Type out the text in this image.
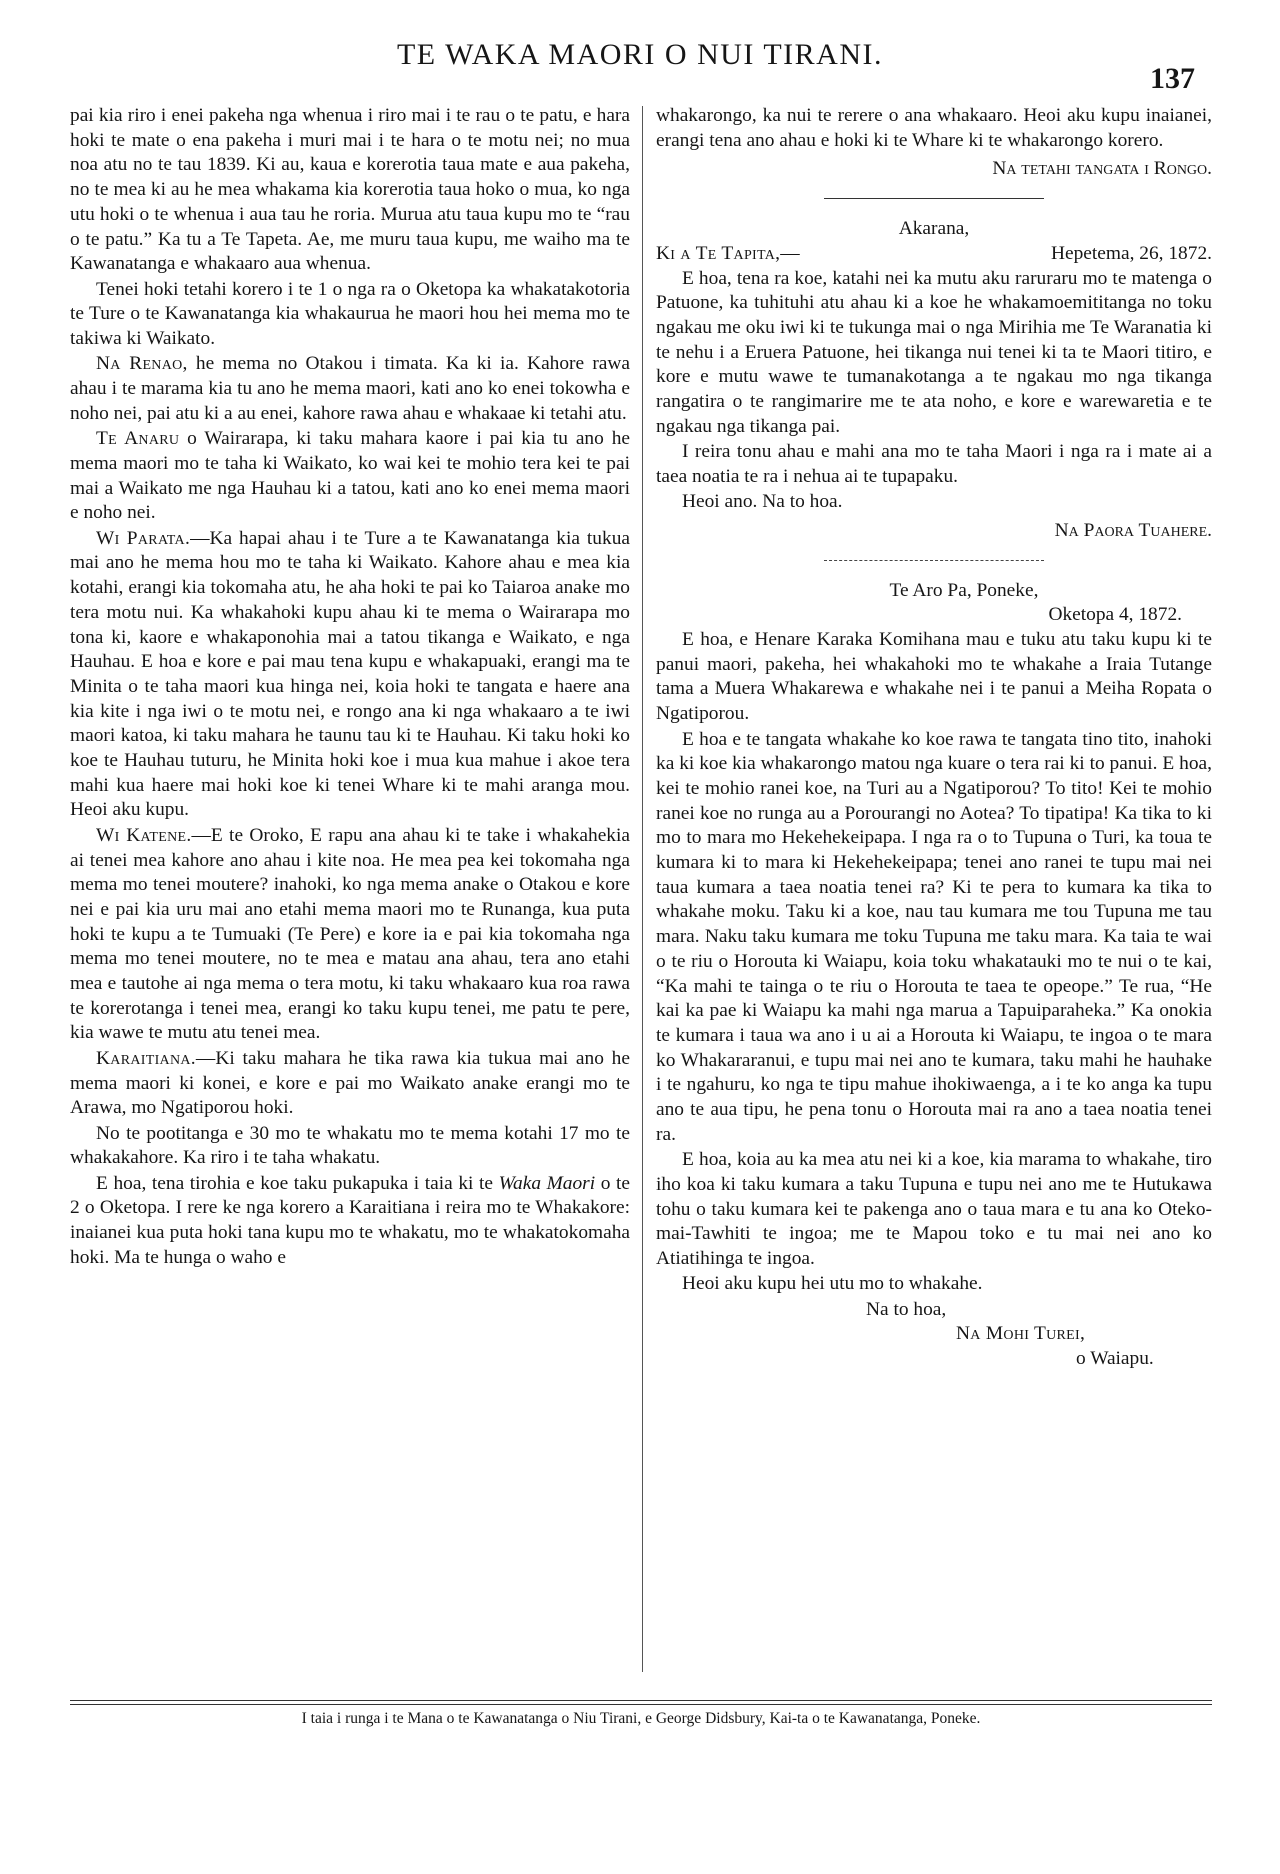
TE WAKA MAORI O NUI TIRANI.
137

pai kia riro i enei pakeha nga whenua i riro mai i te rau o te patu, e hara hoki te mate o ena pakeha i muri mai i te hara o te motu nei; no mua noa atu no te tau 1839. Ki au, kaua e korerotia taua mate e aua pakeha, no te mea ki au he mea whakama kia korerotia taua hoko o mua, ko nga utu hoki o te whenua i aua tau he roria. Murua atu taua kupu mo te “rau o te patu.” Ka tu a Te Tapeta. Ae, me muru taua kupu, me waiho ma te Kawanatanga e whakaaro aua whenua.

Tenei hoki tetahi korero i te 1 o nga ra o Oketopa ka whakatakotoria te Ture o te Kawanatanga kia whakaurua he maori hou hei mema mo te takiwa ki Waikato.

Na Renao, he mema no Otakou i timata. Ka ki ia. Kahore rawa ahau i te marama kia tu ano he mema maori, kati ano ko enei tokowha e noho nei, pai atu ki a au enei, kahore rawa ahau e whakaae ki tetahi atu.

Te Anaru o Wairarapa, ki taku mahara kaore i pai kia tu ano he mema maori mo te taha ki Waikato, ko wai kei te mohio tera kei te pai mai a Waikato me nga Hauhau ki a tatou, kati ano ko enei mema maori e noho nei.

Wi Parata.—Ka hapai ahau i te Ture a te Kawanatanga kia tukua mai ano he mema hou mo te taha ki Waikato. Kahore ahau e mea kia kotahi, erangi kia tokomaha atu, he aha hoki te pai ko Taiaroa anake mo tera motu nui. Ka whakahoki kupu ahau ki te mema o Wairarapa mo tona ki, kaore e whakaponohia mai a tatou tikanga e Waikato, e nga Hauhau. E hoa e kore e pai mau tena kupu e whakapuaki, erangi ma te Minita o te taha maori kua hinga nei, koia hoki te tangata e haere ana kia kite i nga iwi o te motu nei, e rongo ana ki nga whakaaro a te iwi maori katoa, ki taku mahara he taunu tau ki te Hauhau. Ki taku hoki ko koe te Hauhau tuturu, he Minita hoki koe i mua kua mahue i akoe tera mahi kua haere mai hoki koe ki tenei Whare ki te mahi aranga mou. Heoi aku kupu.

Wi Katene.—E te Oroko, E rapu ana ahau ki te take i whakahekia ai tenei mea kahore ano ahau i kite noa. He mea pea kei tokomaha nga mema mo tenei moutere? inahoki, ko nga mema anake o Otakou e kore nei e pai kia uru mai ano etahi mema maori mo te Runanga, kua puta hoki te kupu a te Tumuaki (Te Pere) e kore ia e pai kia tokomaha nga mema mo tenei moutere, no te mea e matau ana ahau, tera ano etahi mea e tautohe ai nga mema o tera motu, ki taku whakaaro kua roa rawa te korerotanga i tenei mea, erangi ko taku kupu tenei, me patu te pere, kia wawe te mutu atu tenei mea.

Karaitiana.—Ki taku mahara he tika rawa kia tukua mai ano he mema maori ki konei, e kore e pai mo Waikato anake erangi mo te Arawa, mo Ngatiporou hoki.

No te pootitanga e 30 mo te whakatu mo te mema kotahi 17 mo te whakakahore. Ka riro i te taha whakatu.

E hoa, tena tirohia e koe taku pukapuka i taia ki te Waka Maori o te 2 o Oketopa. I rere ke nga korero a Karaitiana i reira mo te Whakakore: inaianei kua puta hoki tana kupu mo te whakatu, mo te whakatokomaha hoki. Ma te hunga o waho e

whakarongo, ka nui te rerere o ana whakaaro. Heoi aku kupu inaianei, erangi tena ano ahau e hoki ki te Whare ki te whakarongo korero.

Na tetahi tangata i Rongo.

Akarana,

Ki a Te Tapita,—	Hepetema, 26, 1872.

E hoa, tena ra koe, katahi nei ka mutu aku raruraru mo te matenga o Patuone, ka tuhituhi atu ahau ki a koe he whakamoemititanga no toku ngakau me oku iwi ki te tukunga mai o nga Mirihia me Te Waranatia ki te nehu i a Eruera Patuone, hei tikanga nui tenei ki ta te Maori titiro, e kore e mutu wawe te tumanakotanga a te ngakau mo nga tikanga rangatira o te rangimarire me te ata noho, e kore e warewaretia e te ngakau nga tikanga pai.

I reira tonu ahau e mahi ana mo te taha Maori i nga ra i mate ai a taea noatia te ra i nehua ai te tupapaku.

Heoi ano. Na to hoa.

Na Paora Tuahere.

Te Aro Pa, Poneke,

Oketopa 4, 1872.

E hoa, e Henare Karaka Komihana mau e tuku atu taku kupu ki te panui maori, pakeha, hei whakahoki mo te whakahe a Iraia Tutange tama a Muera Whakarewa e whakahe nei i te panui a Meiha Ropata o Ngatiporou.

E hoa e te tangata whakahe ko koe rawa te tangata tino tito, inahoki ka ki koe kia whakarongo matou nga kuare o tera rai ki to panui. E hoa, kei te mohio ranei koe, na Turi au a Ngatiporou? To tito! Kei te mohio ranei koe no runga au a Porourangi no Aotea? To tipatipa! Ka tika to ki mo to mara mo Hekehekeipapa. I nga ra o to Tupuna o Turi, ka toua te kumara ki to mara ki Hekehekeipapa; tenei ano ranei te tupu mai nei taua kumara a taea noatia tenei ra? Ki te pera to kumara ka tika to whakahe moku. Taku ki a koe, nau tau kumara me tou Tupuna me tau mara. Naku taku kumara me toku Tupuna me taku mara. Ka taia te wai o te riu o Horouta ki Waiapu, koia toku whakatauki mo te nui o te kai, “Ka mahi te tainga o te riu o Horouta te taea te opeope.” Te rua, “He kai ka pae ki Waiapu ka mahi nga marua a Tapuiparaheka.” Ka onokia te kumara i taua wa ano i u ai a Horouta ki Waiapu, te ingoa o te mara ko Whakararanui, e tupu mai nei ano te kumara, taku mahi he hauhake i te ngahuru, ko nga te tipu mahue ihokiwaenga, a i te ko anga ka tupu ano te aua tipu, he pena tonu o Horouta mai ra ano a taea noatia tenei ra.

E hoa, koia au ka mea atu nei ki a koe, kia marama to whakahe, tiro iho koa ki taku kumara a taku Tupuna e tupu nei ano me te Hutukawa tohu o taku kumara kei te pakenga ano o taua mara e tu ana ko Oteko-mai-Tawhiti te ingoa; me te Mapou toko e tu mai nei ano ko Atiatihinga te ingoa.

Heoi aku kupu hei utu mo to whakahe.

Na to hoa,

Na Mohi Turei,

o Waiapu.

I taia i runga i te Mana o te Kawanatanga o Niu Tirani, e George Didsbury, Kai-ta o te Kawanatanga, Poneke.
